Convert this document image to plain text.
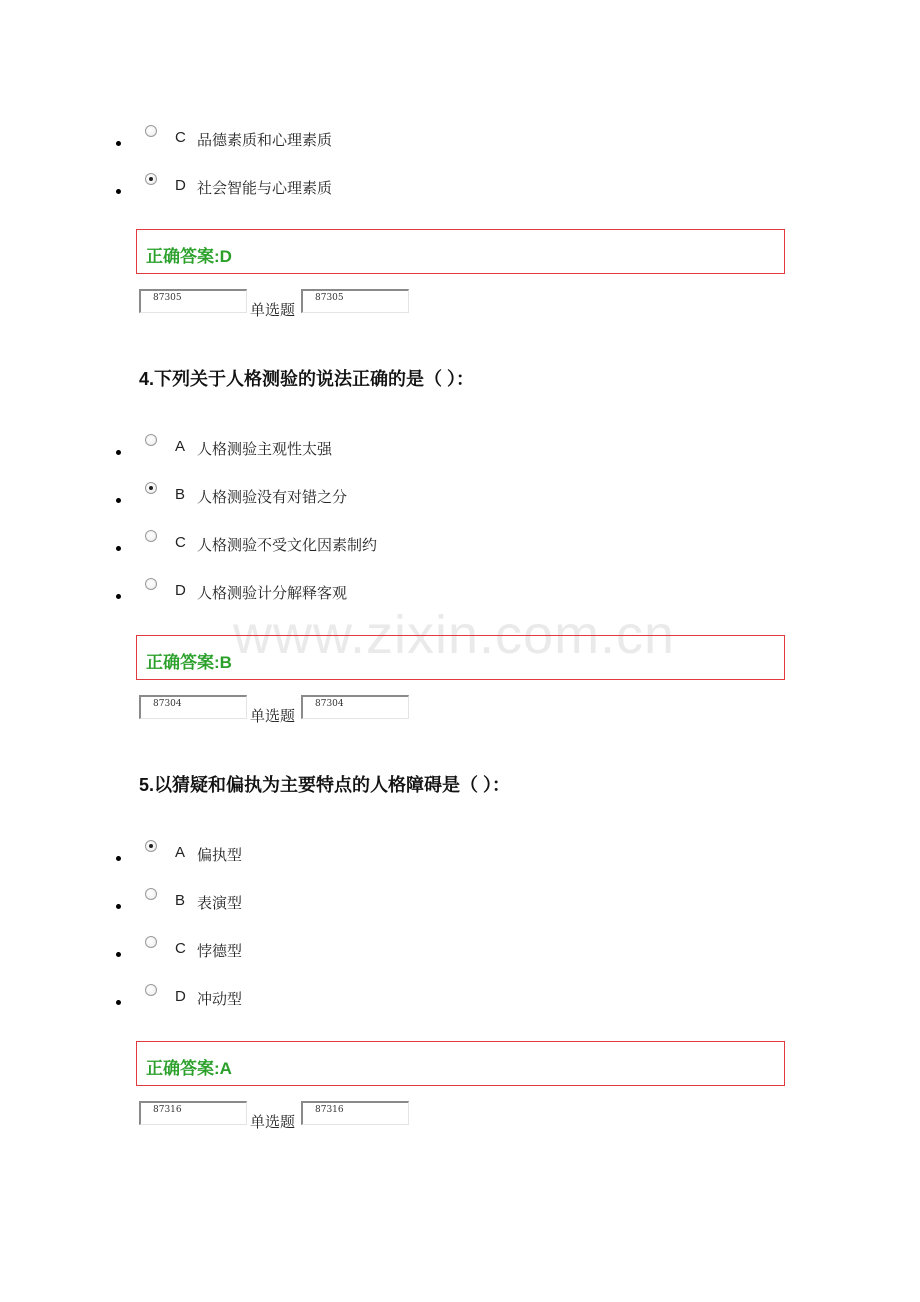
C 品德素质和心理素质
D 社会智能与心理素质
正确答案:D
87305
单选题
87305
4.下列关于人格测验的说法正确的是（ ）：
A 人格测验主观性太强
B 人格测验没有对错之分
C 人格测验不受文化因素制约
D 人格测验计分解释客观
www.zixin.com.cn
正确答案:B
87304
单选题
87304
5.以猜疑和偏执为主要特点的人格障碍是（ ）：
A 偏执型
B 表演型
C 悖德型
D 冲动型
正确答案:A
87316
单选题
87316
